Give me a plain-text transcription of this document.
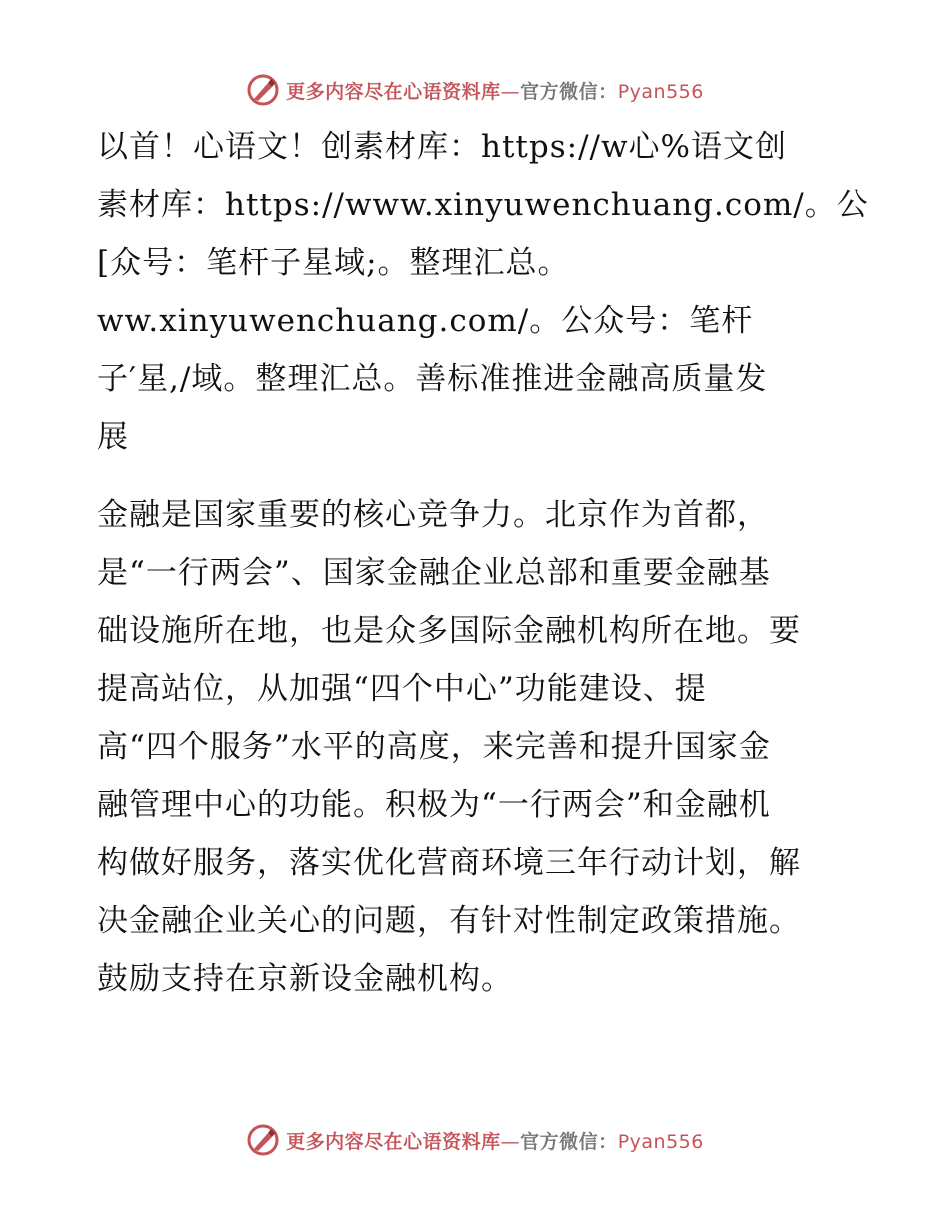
更多内容尽在心语资料库—官方微信：Pyan556
以首！心语文！创素材库：https://w心%语文创
素材库：https://www.xinyuwenchuang.com/。公
[众号：笔杆子星域;。整理汇总。
ww.xinyuwenchuang.com/。公众号：笔杆
子′星,/域。整理汇总。善标准推进金融高质量发
展
金融是国家重要的核心竞争力。北京作为首都，
是“一行两会”、国家金融企业总部和重要金融基
础设施所在地，也是众多国际金融机构所在地。要
提高站位，从加强“四个中心”功能建设、提
高“四个服务”水平的高度，来完善和提升国家金
融管理中心的功能。积极为“一行两会”和金融机
构做好服务，落实优化营商环境三年行动计划，解
决金融企业关心的问题，有针对性制定政策措施。
鼓励支持在京新设金融机构。
更多内容尽在心语资料库—官方微信：Pyan556
